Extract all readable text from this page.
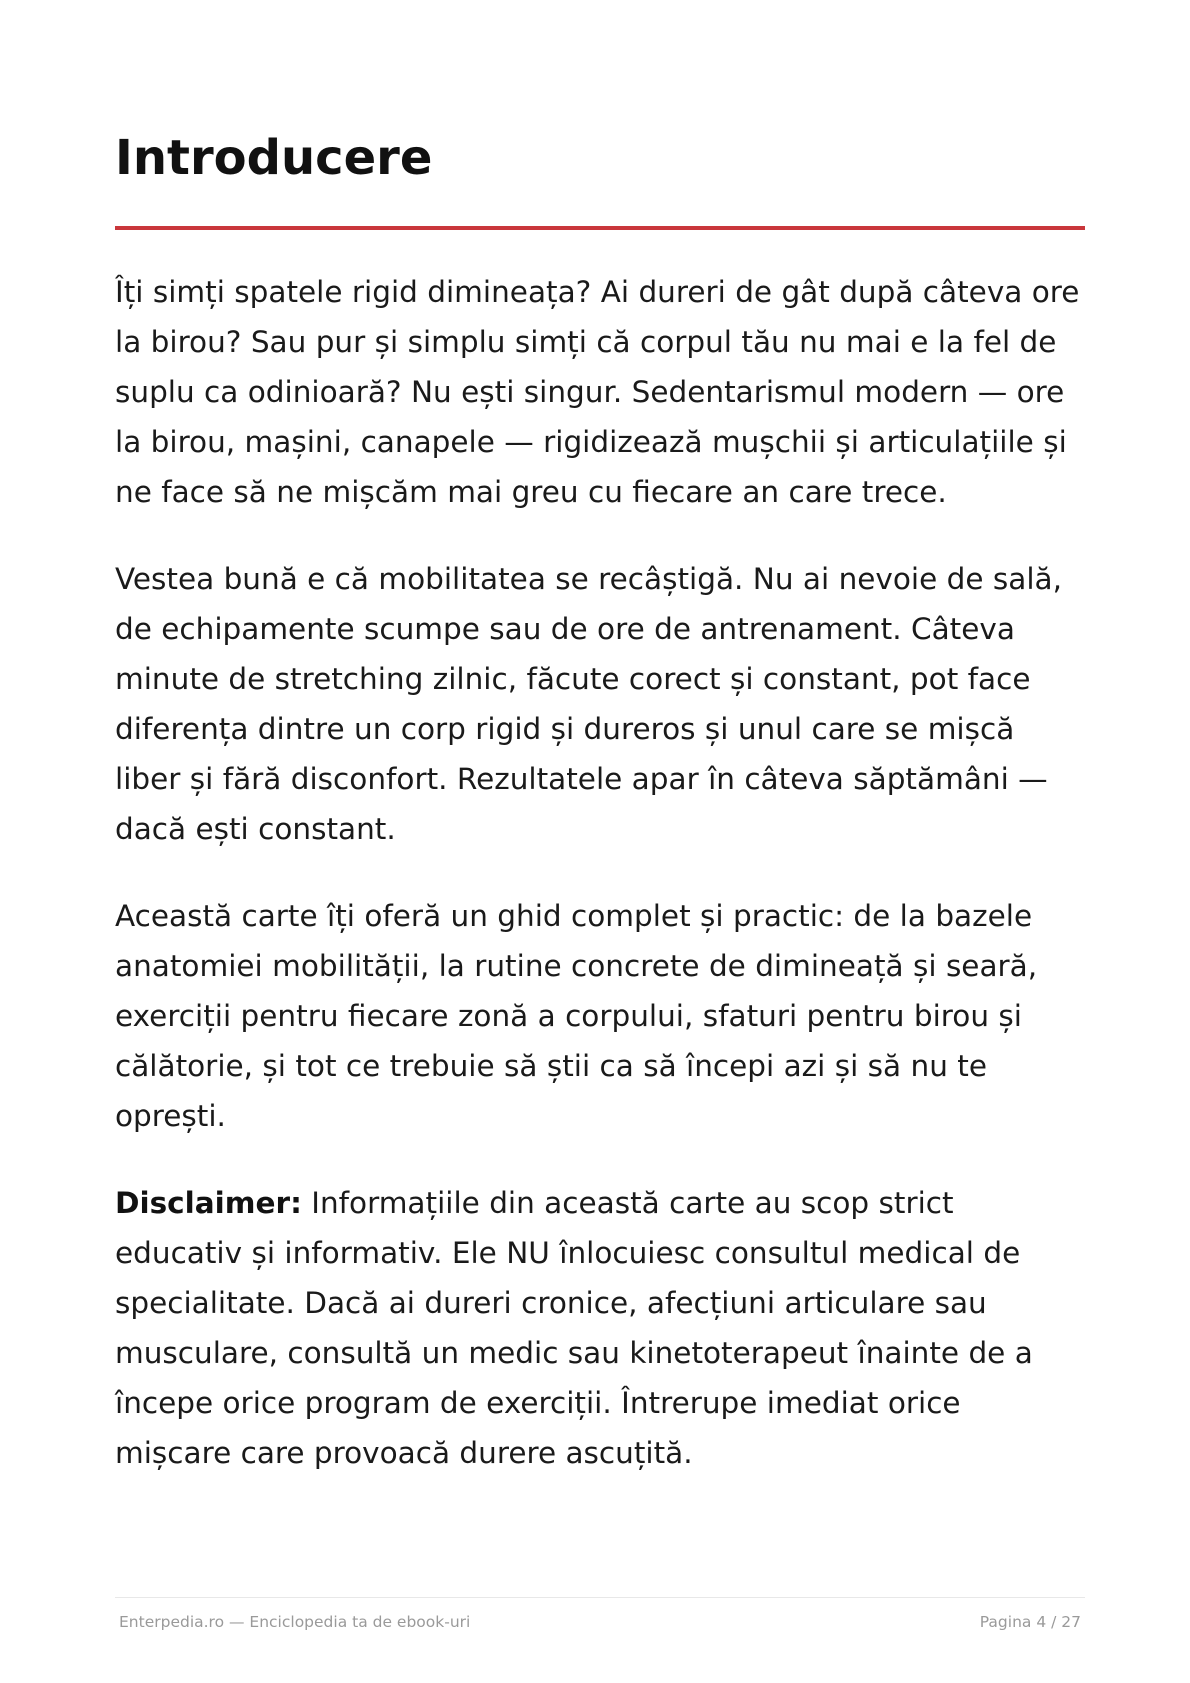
Introducere

Îți simți spatele rigid dimineața? Ai dureri de gât după câteva ore la birou? Sau pur și simplu simți că corpul tău nu mai e la fel de suplu ca odinioară? Nu ești singur. Sedentarismul modern — ore la birou, mașini, canapele — rigidizează mușchii și articulațiile și ne face să ne mișcăm mai greu cu fiecare an care trece.

Vestea bună e că mobilitatea se recâștigă. Nu ai nevoie de sală, de echipamente scumpe sau de ore de antrenament. Câteva minute de stretching zilnic, făcute corect și constant, pot face diferența dintre un corp rigid și dureros și unul care se mișcă liber și fără disconfort. Rezultatele apar în câteva săptămâni — dacă ești constant.

Această carte îți oferă un ghid complet și practic: de la bazele anatomiei mobilității, la rutine concrete de dimineață și seară, exerciții pentru fiecare zonă a corpului, sfaturi pentru birou și călătorie, și tot ce trebuie să știi ca să începi azi și să nu te oprești.

Disclaimer: Informațiile din această carte au scop strict educativ și informativ. Ele NU înlocuiesc consultul medical de specialitate. Dacă ai dureri cronice, afecțiuni articulare sau musculare, consultă un medic sau kinetoterapeut înainte de a începe orice program de exerciții. Întrerupe imediat orice mișcare care provoacă durere ascuțită.

Enterpedia.ro — Enciclopedia ta de ebook-uri	Pagina 4 / 27
